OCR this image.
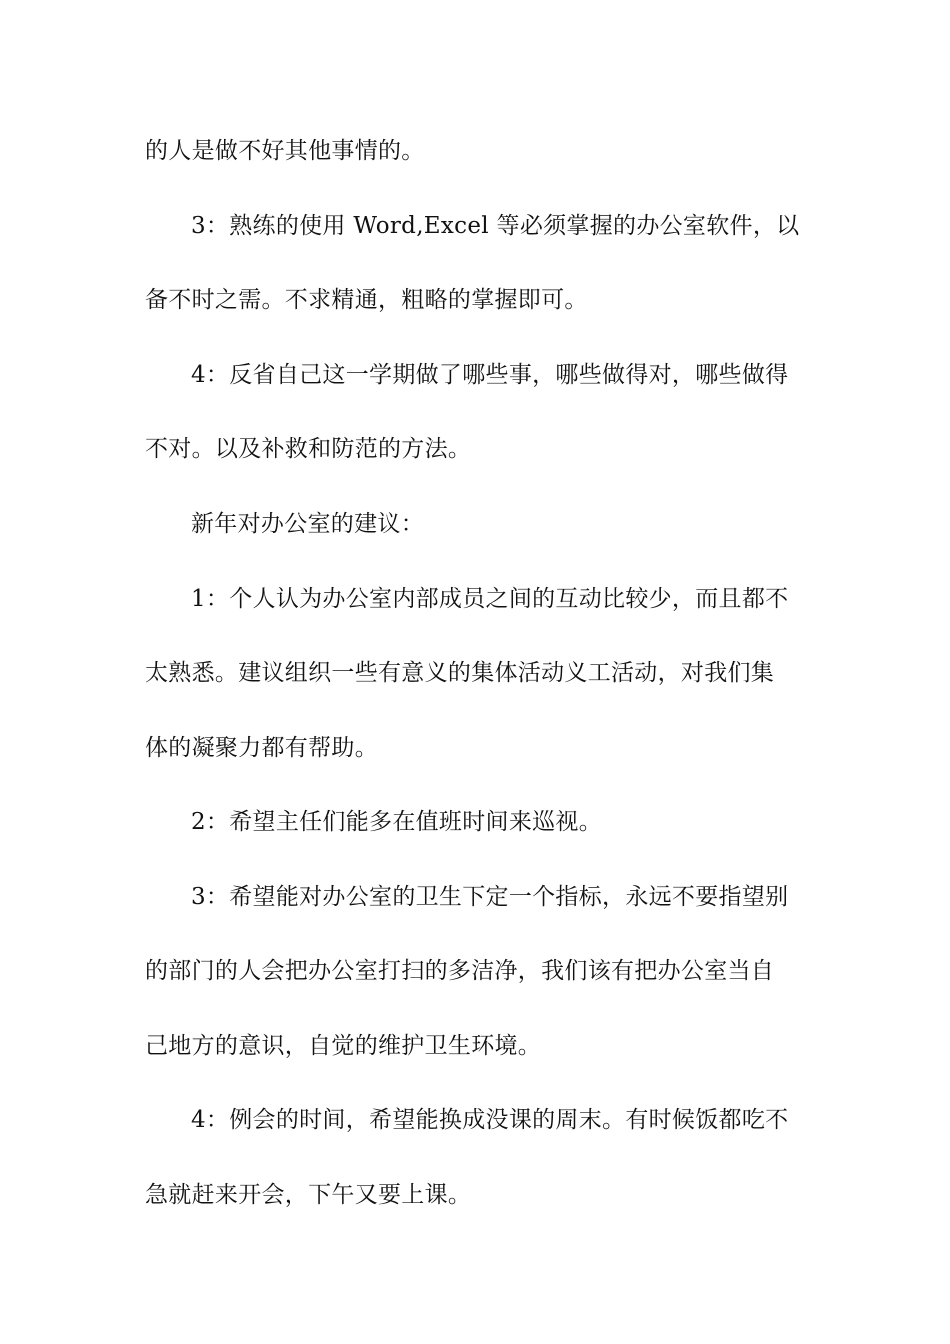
的人是做不好其他事情的。
3：熟练的使用 Word,Excel 等必须掌握的办公室软件，以
备不时之需。不求精通，粗略的掌握即可。
4：反省自己这一学期做了哪些事，哪些做得对，哪些做得
不对。以及补救和防范的方法。
新年对办公室的建议：
1：个人认为办公室内部成员之间的互动比较少，而且都不
太熟悉。建议组织一些有意义的集体活动义工活动，对我们集
体的凝聚力都有帮助。
2：希望主任们能多在值班时间来巡视。
3：希望能对办公室的卫生下定一个指标，永远不要指望别
的部门的人会把办公室打扫的多洁净，我们该有把办公室当自
己地方的意识，自觉的维护卫生环境。
4：例会的时间，希望能换成没课的周末。有时候饭都吃不
急就赶来开会，下午又要上课。
